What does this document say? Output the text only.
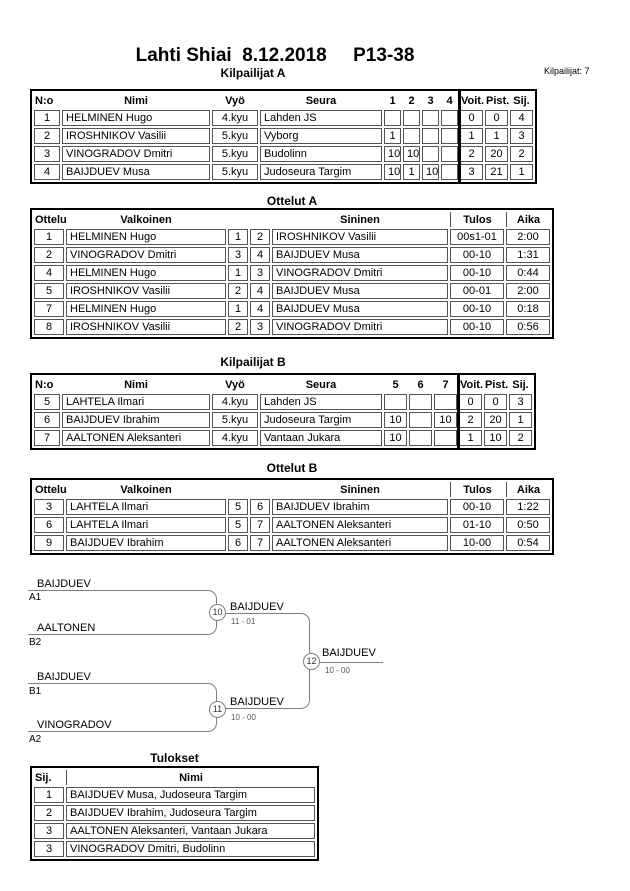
Lahti Shiai  8.12.2018     P13-38
Kilpailijat A	Kilpailijat: 7
N:o	Nimi	Vyö	Seura	1	2	3	4	Voit.	Pist.	Sij.
1	HELMINEN Hugo	4.kyu	Lahden JS					0	0	4
2	IROSHNIKOV Vasilii	5.kyu	Vyborg	1				1	1	3
3	VINOGRADOV Dmitri	5.kyu	Budolinn	10	10			2	20	2
4	BAIJDUEV Musa	5.kyu	Judoseura Targim	10	1	10		3	21	1
Ottelut A
Ottelu	Valkoinen			Sininen	Tulos	Aika
1	HELMINEN Hugo	1	2	IROSHNIKOV Vasilii	00s1-01	2:00
2	VINOGRADOV Dmitri	3	4	BAIJDUEV Musa	00-10	1:31
4	HELMINEN Hugo	1	3	VINOGRADOV Dmitri	00-10	0:44
5	IROSHNIKOV Vasilii	2	4	BAIJDUEV Musa	00-01	2:00
7	HELMINEN Hugo	1	4	BAIJDUEV Musa	00-10	0:18
8	IROSHNIKOV Vasilii	2	3	VINOGRADOV Dmitri	00-10	0:56
Kilpailijat B
N:o	Nimi	Vyö	Seura	5	6	7	Voit.	Pist.	Sij.
5	LAHTELA Ilmari	4.kyu	Lahden JS				0	0	3
6	BAIJDUEV Ibrahim	5.kyu	Judoseura Targim	10		10	2	20	1
7	AALTONEN Aleksanteri	4.kyu	Vantaan Jukara	10			1	10	2
Ottelut B
Ottelu	Valkoinen			Sininen	Tulos	Aika
3	LAHTELA Ilmari	5	6	BAIJDUEV Ibrahim	00-10	1:22
6	LAHTELA Ilmari	5	7	AALTONEN Aleksanteri	01-10	0:50
9	BAIJDUEV Ibrahim	6	7	AALTONEN Aleksanteri	10-00	0:54
BAIJDUEV
A1
AALTONEN
B2
10 BAIJDUEV
11 - 01
BAIJDUEV
B1
VINOGRADOV
A2
11
BAIJDUEV
10 - 00
12
BAIJDUEV
10 - 00
Tulokset
Sij.	Nimi
1	BAIJDUEV Musa, Judoseura Targim
2	BAIJDUEV Ibrahim, Judoseura Targim
3	AALTONEN Aleksanteri, Vantaan Jukara
3	VINOGRADOV Dmitri, Budolinn
